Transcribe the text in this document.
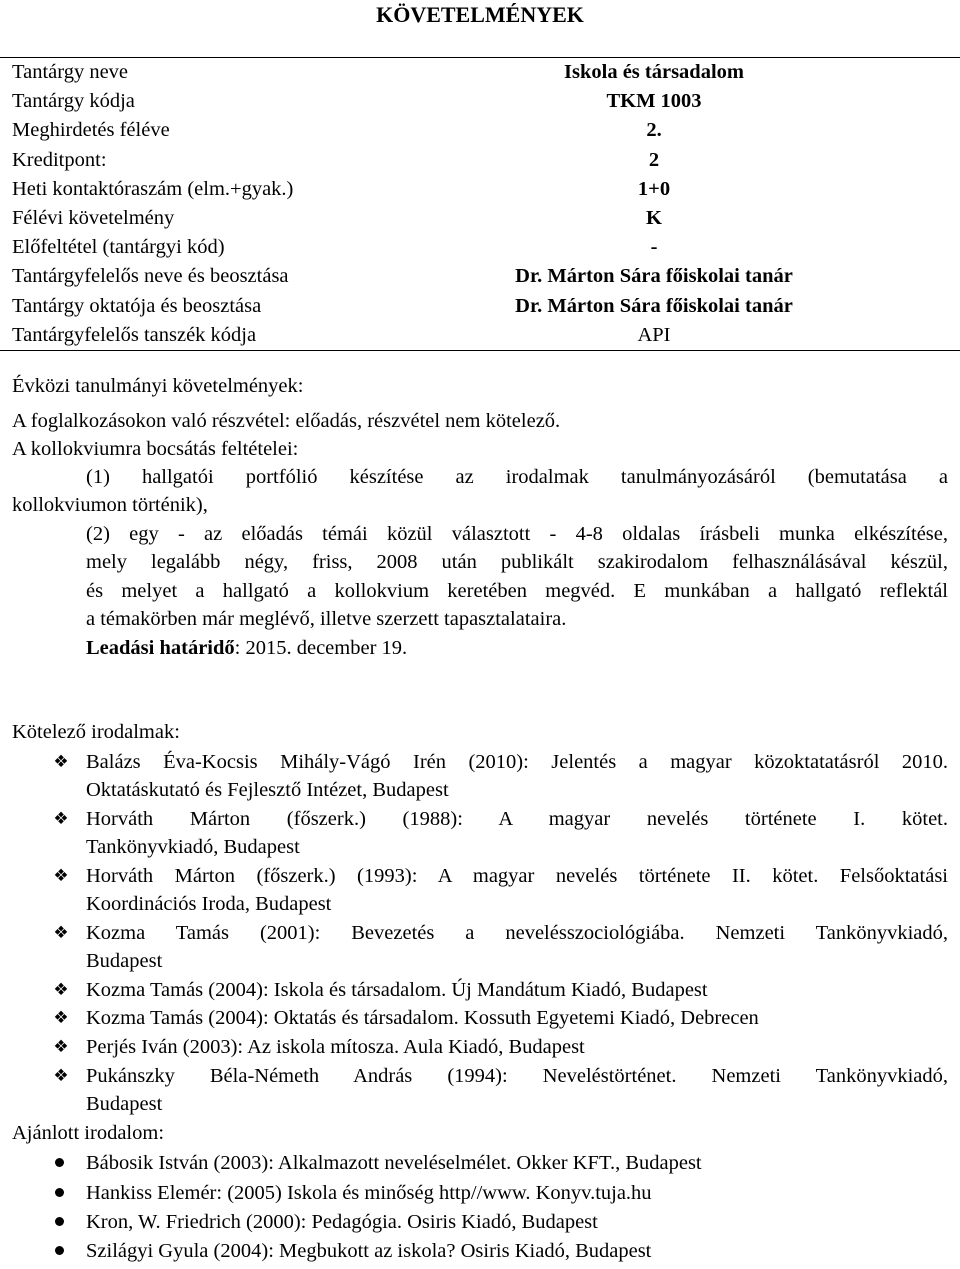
KÖVETELMÉNYEK
Tantárgy neve	Iskola és társadalom
Tantárgy kódja	TKM 1003
Meghirdetés féléve	2.
Kreditpont:	2
Heti kontaktóraszám (elm.+gyak.)	1+0
Félévi követelmény	K
Előfeltétel (tantárgyi kód)	-
Tantárgyfelelős neve és beosztása	Dr. Márton Sára főiskolai tanár
Tantárgy oktatója és beosztása	Dr. Márton Sára főiskolai tanár
Tantárgyfelelős tanszék kódja	API
Évközi tanulmányi követelmények:
A foglalkozásokon való részvétel: előadás, részvétel nem kötelező.
A kollokviumra bocsátás feltételei:
(1) hallgatói portfólió készítése az irodalmak tanulmányozásáról (bemutatása a
kollokviumon történik),
(2) egy - az előadás témái közül választott - 4-8 oldalas írásbeli munka elkészítése,
mely legalább négy, friss, 2008 után publikált szakirodalom felhasználásával készül,
és melyet a hallgató a kollokvium keretében megvéd. E munkában a hallgató reflektál
a témakörben már meglévő, illetve szerzett tapasztalataira.
Leadási határidő: 2015. december 19.
Kötelező irodalmak:
❖ Balázs Éva-Kocsis Mihály-Vágó Irén (2010): Jelentés a magyar közoktatatásról 2010.
Oktatáskutató és Fejlesztő Intézet, Budapest
❖ Horváth Márton (főszerk.) (1988): A magyar nevelés története I. kötet.
Tankönyvkiadó, Budapest
❖ Horváth Márton (főszerk.) (1993): A magyar nevelés története II. kötet. Felsőoktatási
Koordinációs Iroda, Budapest
❖ Kozma Tamás (2001): Bevezetés a nevelésszociológiába. Nemzeti Tankönyvkiadó,
Budapest
❖ Kozma Tamás (2004): Iskola és társadalom. Új Mandátum Kiadó, Budapest
❖ Kozma Tamás (2004): Oktatás és társadalom. Kossuth Egyetemi Kiadó, Debrecen
❖ Perjés Iván (2003): Az iskola mítosza. Aula Kiadó, Budapest
❖ Pukánszky Béla-Németh András (1994): Neveléstörténet. Nemzeti Tankönyvkiadó,
Budapest
Ajánlott irodalom:
Bábosik István (2003): Alkalmazott neveléselmélet. Okker KFT., Budapest
Hankiss Elemér: (2005) Iskola és minőség http//www. Konyv.tuja.hu
Kron, W. Friedrich (2000): Pedagógia. Osiris Kiadó, Budapest
Szilágyi Gyula (2004): Megbukott az iskola? Osiris Kiadó, Budapest
